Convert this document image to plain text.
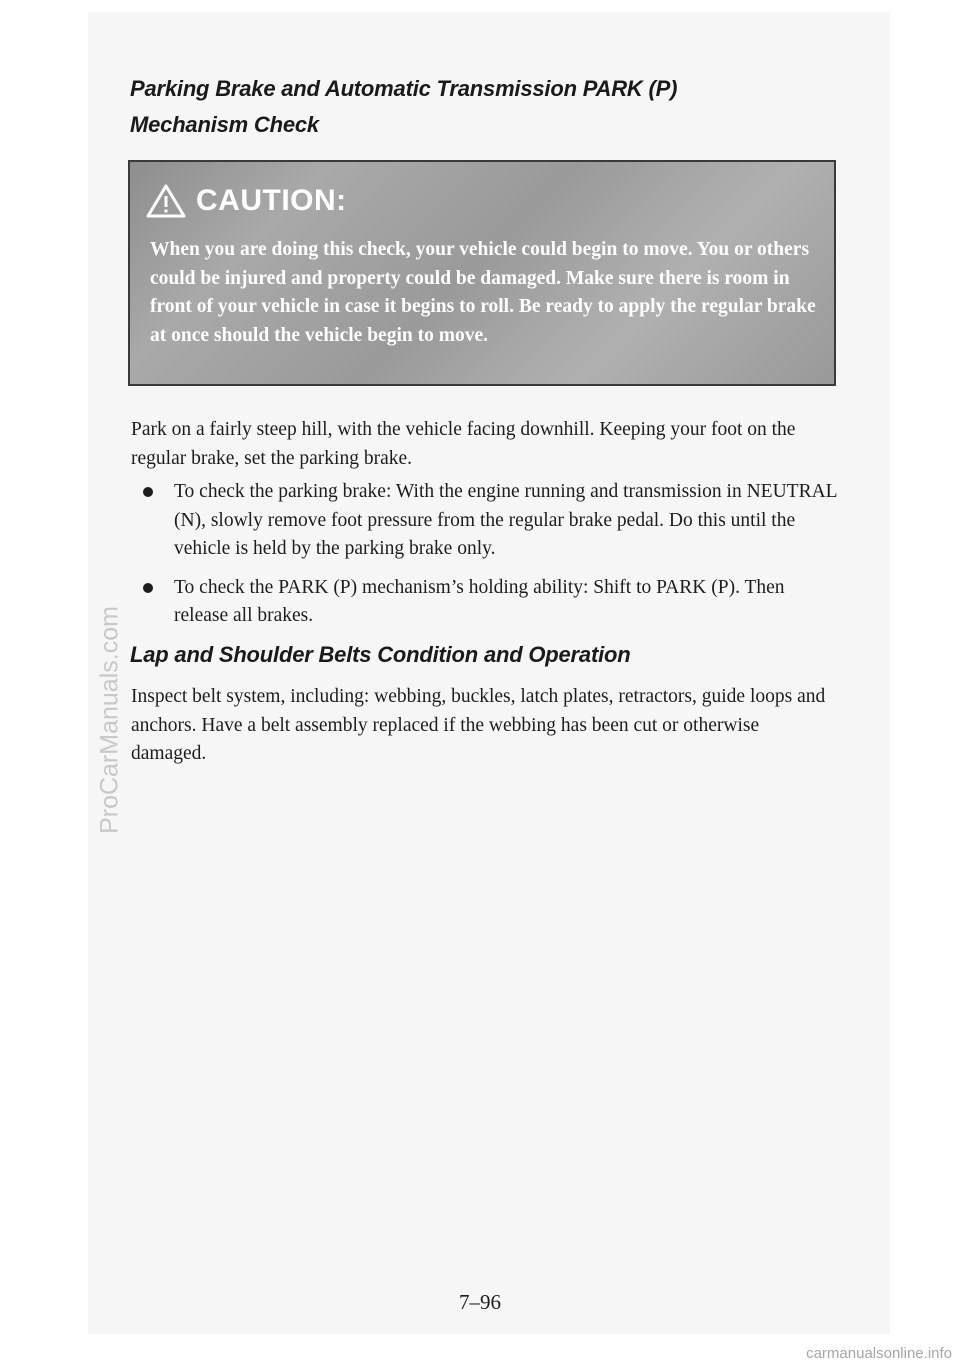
Parking Brake and Automatic Transmission PARK (P)
Mechanism Check
CAUTION:

When you are doing this check, your vehicle could begin to move. You or others could be injured and property could be damaged. Make sure there is room in front of your vehicle in case it begins to roll. Be ready to apply the regular brake at once should the vehicle begin to move.

Park on a fairly steep hill, with the vehicle facing downhill. Keeping your foot on the regular brake, set the parking brake.

To check the parking brake: With the engine running and transmission in NEUTRAL (N), slowly remove foot pressure from the regular brake pedal. Do this until the vehicle is held by the parking brake only.
To check the PARK (P) mechanism’s holding ability: Shift to PARK (P). Then release all brakes.
Lap and Shoulder Belts Condition and Operation

Inspect belt system, including: webbing, buckles, latch plates, retractors, guide loops and anchors. Have a belt assembly replaced if the webbing has been cut or otherwise damaged.

7–96
ProCarManuals.com
carmanualsonline.info
